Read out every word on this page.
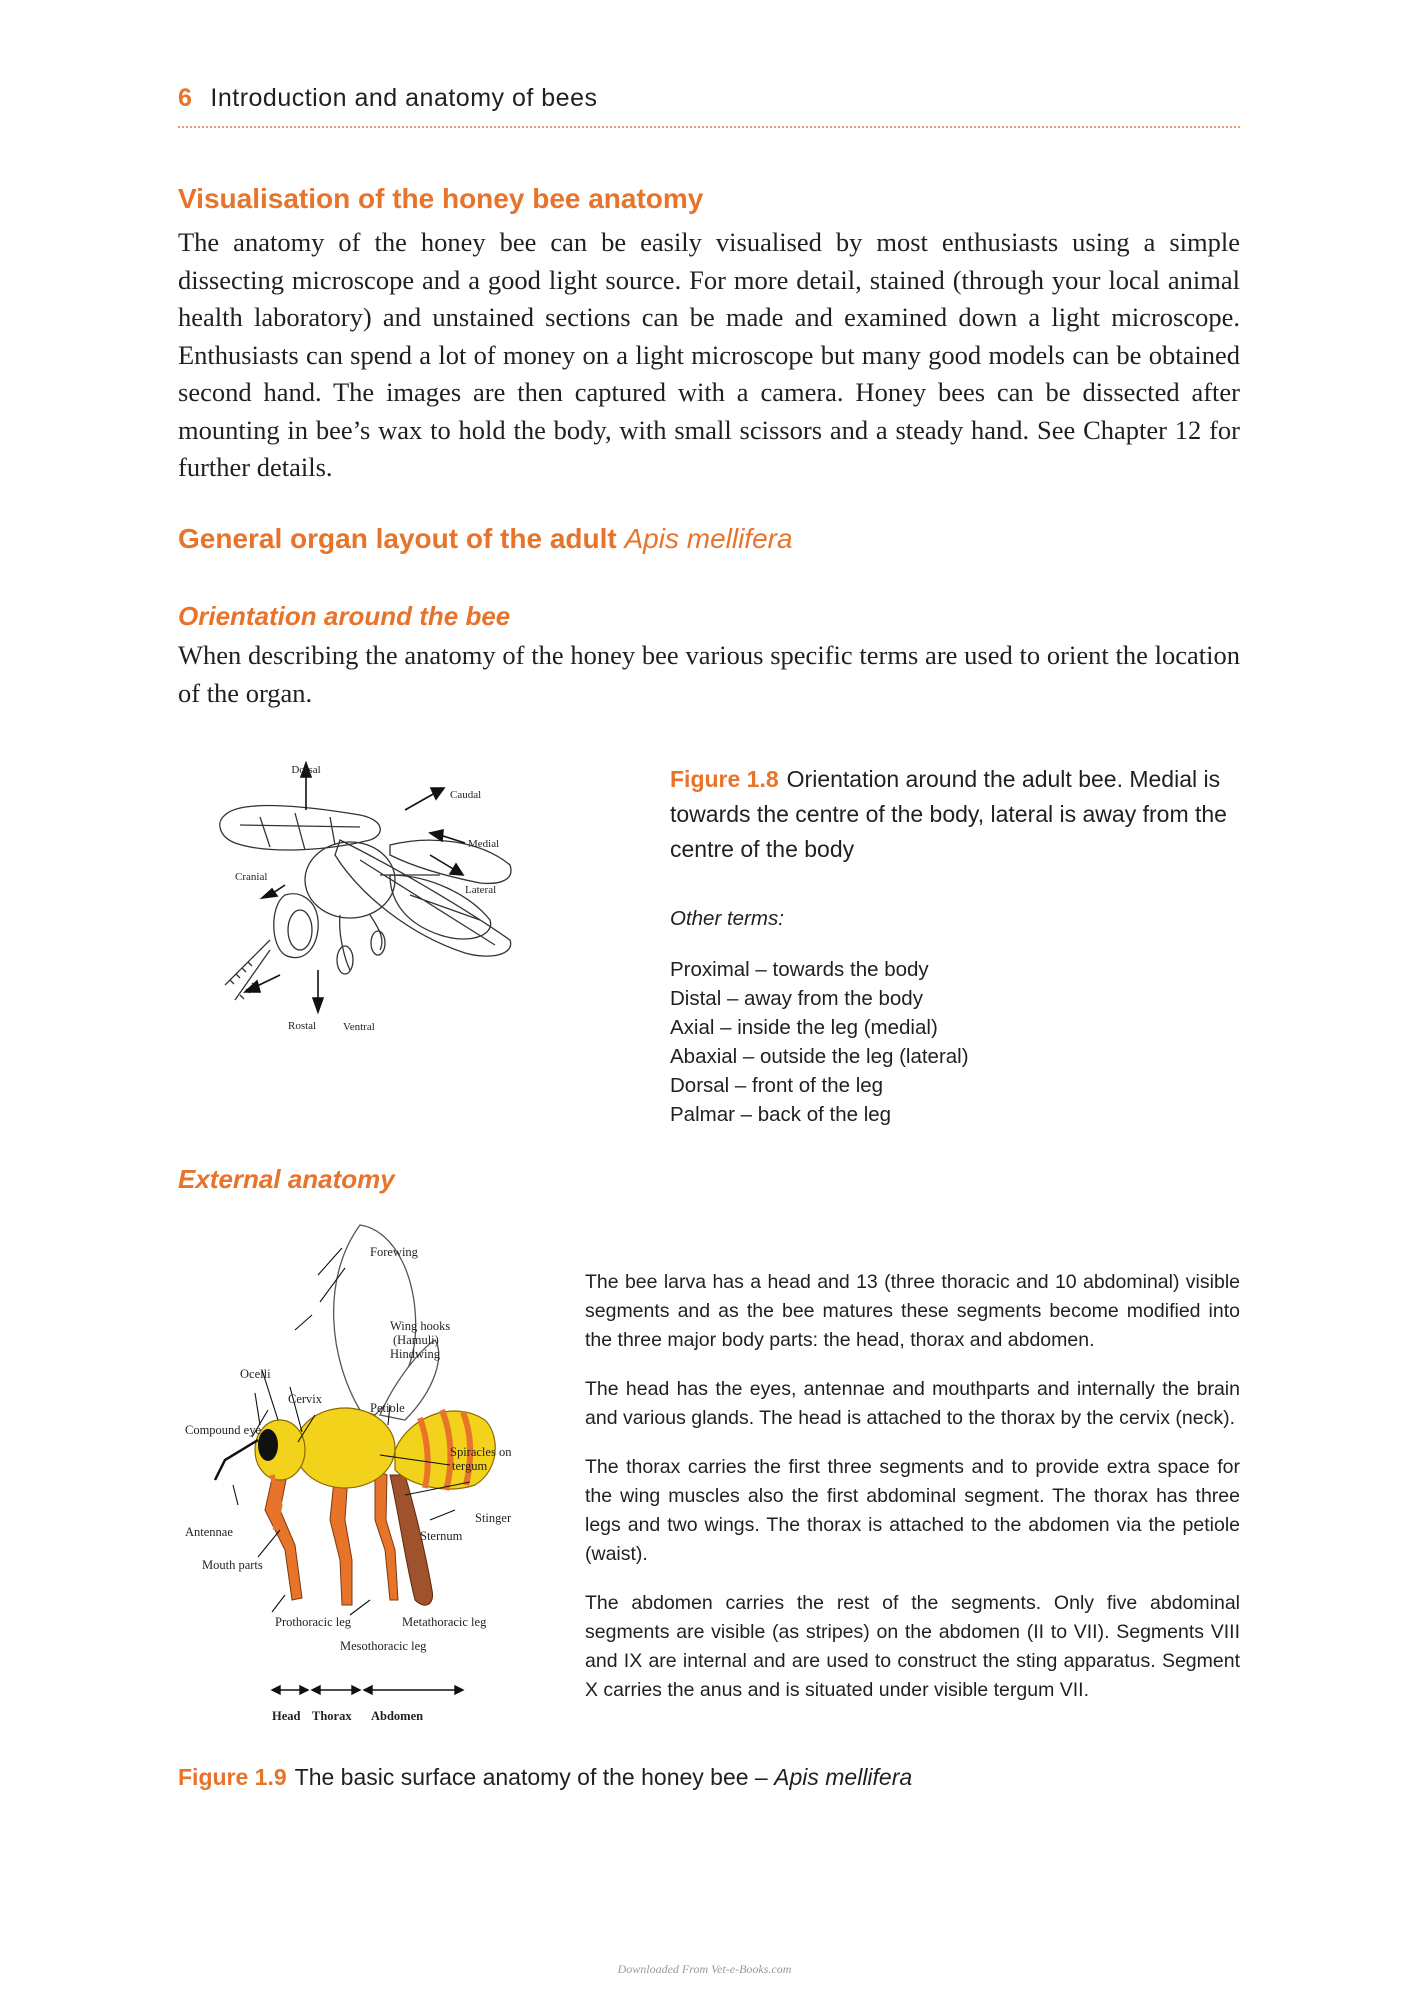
6 Introduction and anatomy of bees
Visualisation of the honey bee anatomy

The anatomy of the honey bee can be easily visualised by most enthusiasts using a simple dissecting microscope and a good light source. For more detail, stained (through your local animal health laboratory) and unstained sections can be made and examined down a light microscope. Enthusiasts can spend a lot of money on a light microscope but many good models can be obtained second hand. The images are then captured with a camera. Honey bees can be dissected after mounting in bee’s wax to hold the body, with small scissors and a steady hand. See Chapter 12 for further details.

General organ layout of the adult Apis mellifera
Orientation around the bee

When describing the anatomy of the honey bee various specific terms are used to orient the location of the organ.

Dorsal
Caudal
Medial
Lateral
Cranial
Rostal Ventral
Figure 1.8 Orientation around the adult bee. Medial is towards the centre of the body, lateral is away from the centre of the body
Other terms:
Proximal – towards the body
Distal – away from the body
Axial – inside the leg (medial)
Abaxial – outside the leg (lateral)
Dorsal – front of the leg
Palmar – back of the leg
External anatomy
Forewing
Wing hooks
(Hamuli)
Hindwing
Ocelli
Cervix
Petiole
Compound eye
Spiracles on
tergum
Stinger
Antennae	Sternum
Mouth parts
Prothoracic leg	Metathoracic leg
Mesothoracic leg
Head Thorax Abdomen

The bee larva has a head and 13 (three thoracic and 10 abdominal) visible segments and as the bee matures these segments become modified into the three major body parts: the head, thorax and abdomen.

The head has the eyes, antennae and mouthparts and internally the brain and various glands. The head is attached to the thorax by the cervix (neck).

The thorax carries the first three segments and to provide extra space for the wing muscles also the first abdominal segment. The thorax has three legs and two wings. The thorax is attached to the abdomen via the petiole (waist).

The abdomen carries the rest of the segments. Only five abdominal segments are visible (as stripes) on the abdomen (II to VII). Segments VIII and IX are internal and are used to construct the sting apparatus. Segment X carries the anus and is situated under visible tergum VII.

Figure 1.9 The basic surface anatomy of the honey bee – Apis mellifera
Downloaded From Vet-e-Books.com
